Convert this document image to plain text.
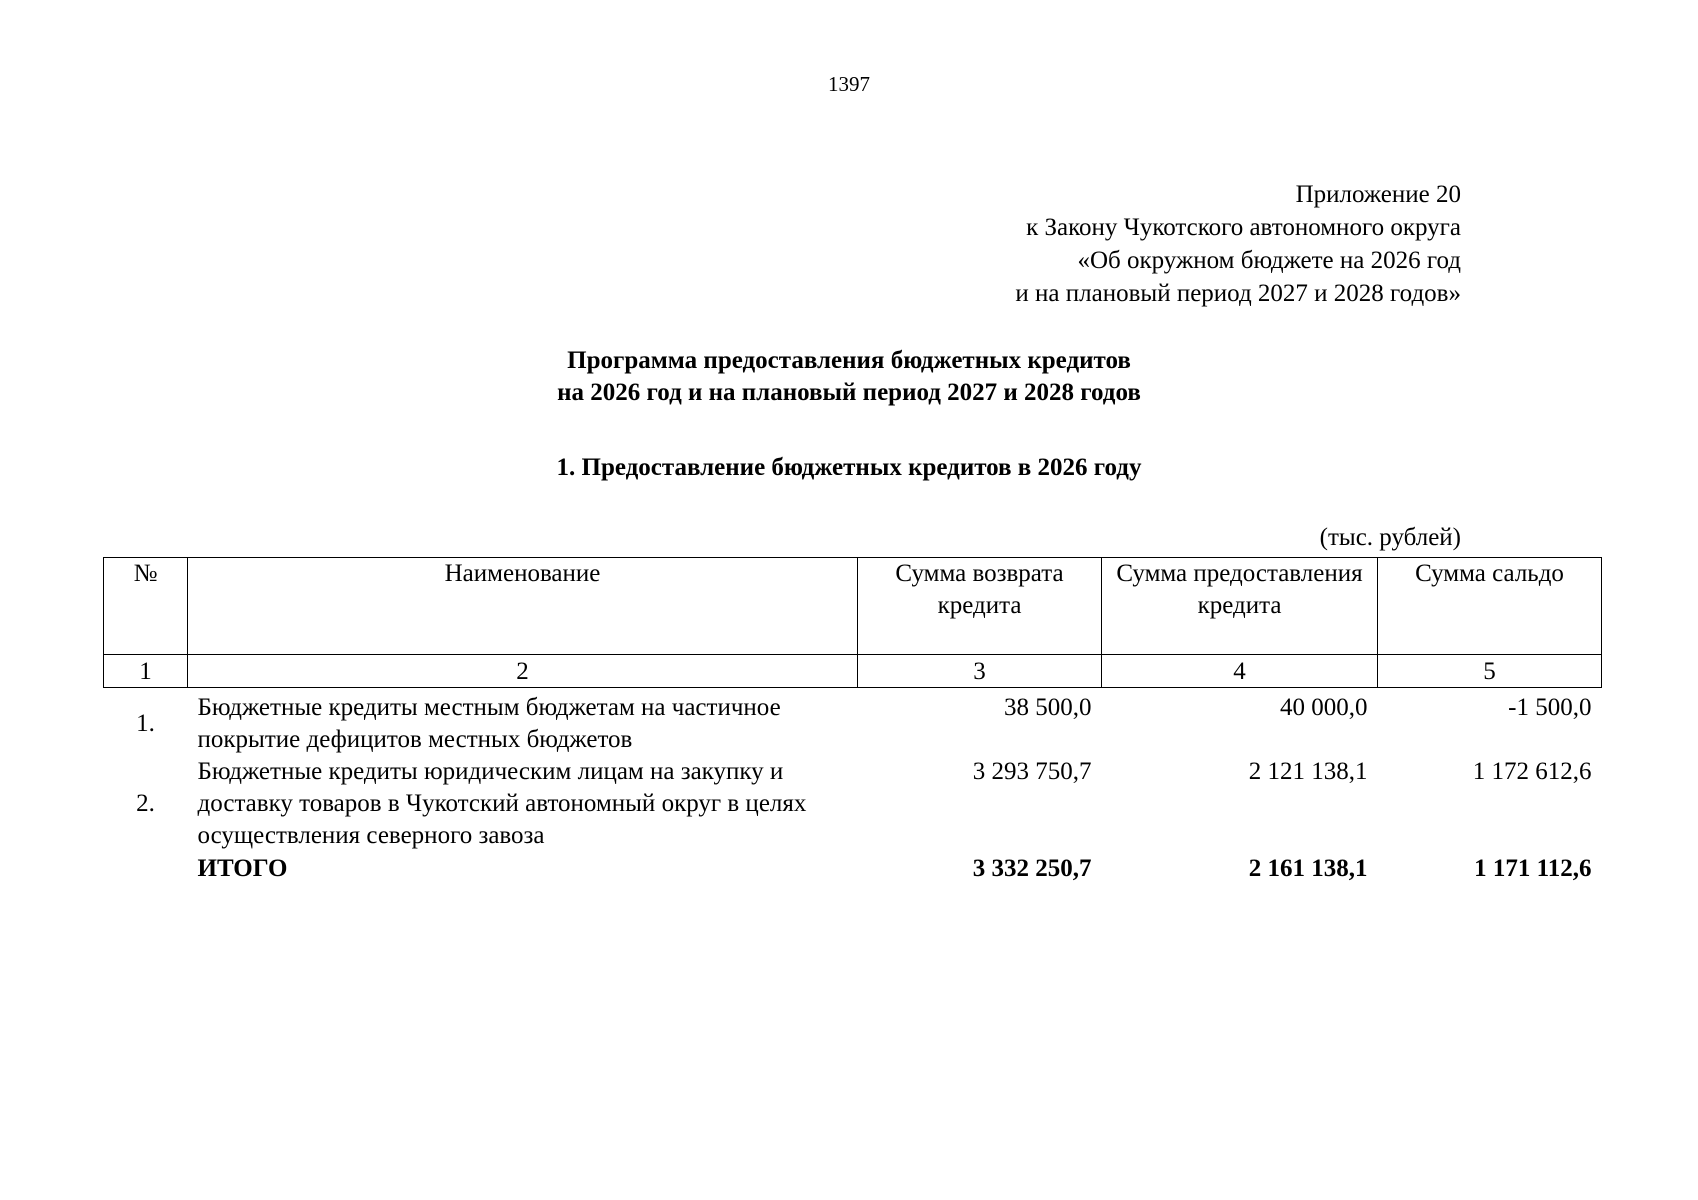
1397
Приложение 20
к Закону Чукотского автономного округа
«Об окружном бюджете на 2026 год
и на плановый период 2027 и 2028 годов»
Программа предоставления бюджетных кредитов
на 2026 год и на плановый период 2027 и 2028 годов
1. Предоставление бюджетных кредитов в 2026 году
(тыс. рублей)
№	Наименование	Сумма возврата кредита	Сумма предоставления кредита	Сумма сальдо
1	2	3	4	5
1.	Бюджетные кредиты местным бюджетам на частичное покрытие дефицитов местных бюджетов	38 500,0	40 000,0	-1 500,0
2.	Бюджетные кредиты юридическим лицам на закупку и доставку товаров в Чукотский автономный округ в целях осуществления северного завоза	3 293 750,7	2 121 138,1	1 172 612,6
	ИТОГО	3 332 250,7	2 161 138,1	1 171 112,6
